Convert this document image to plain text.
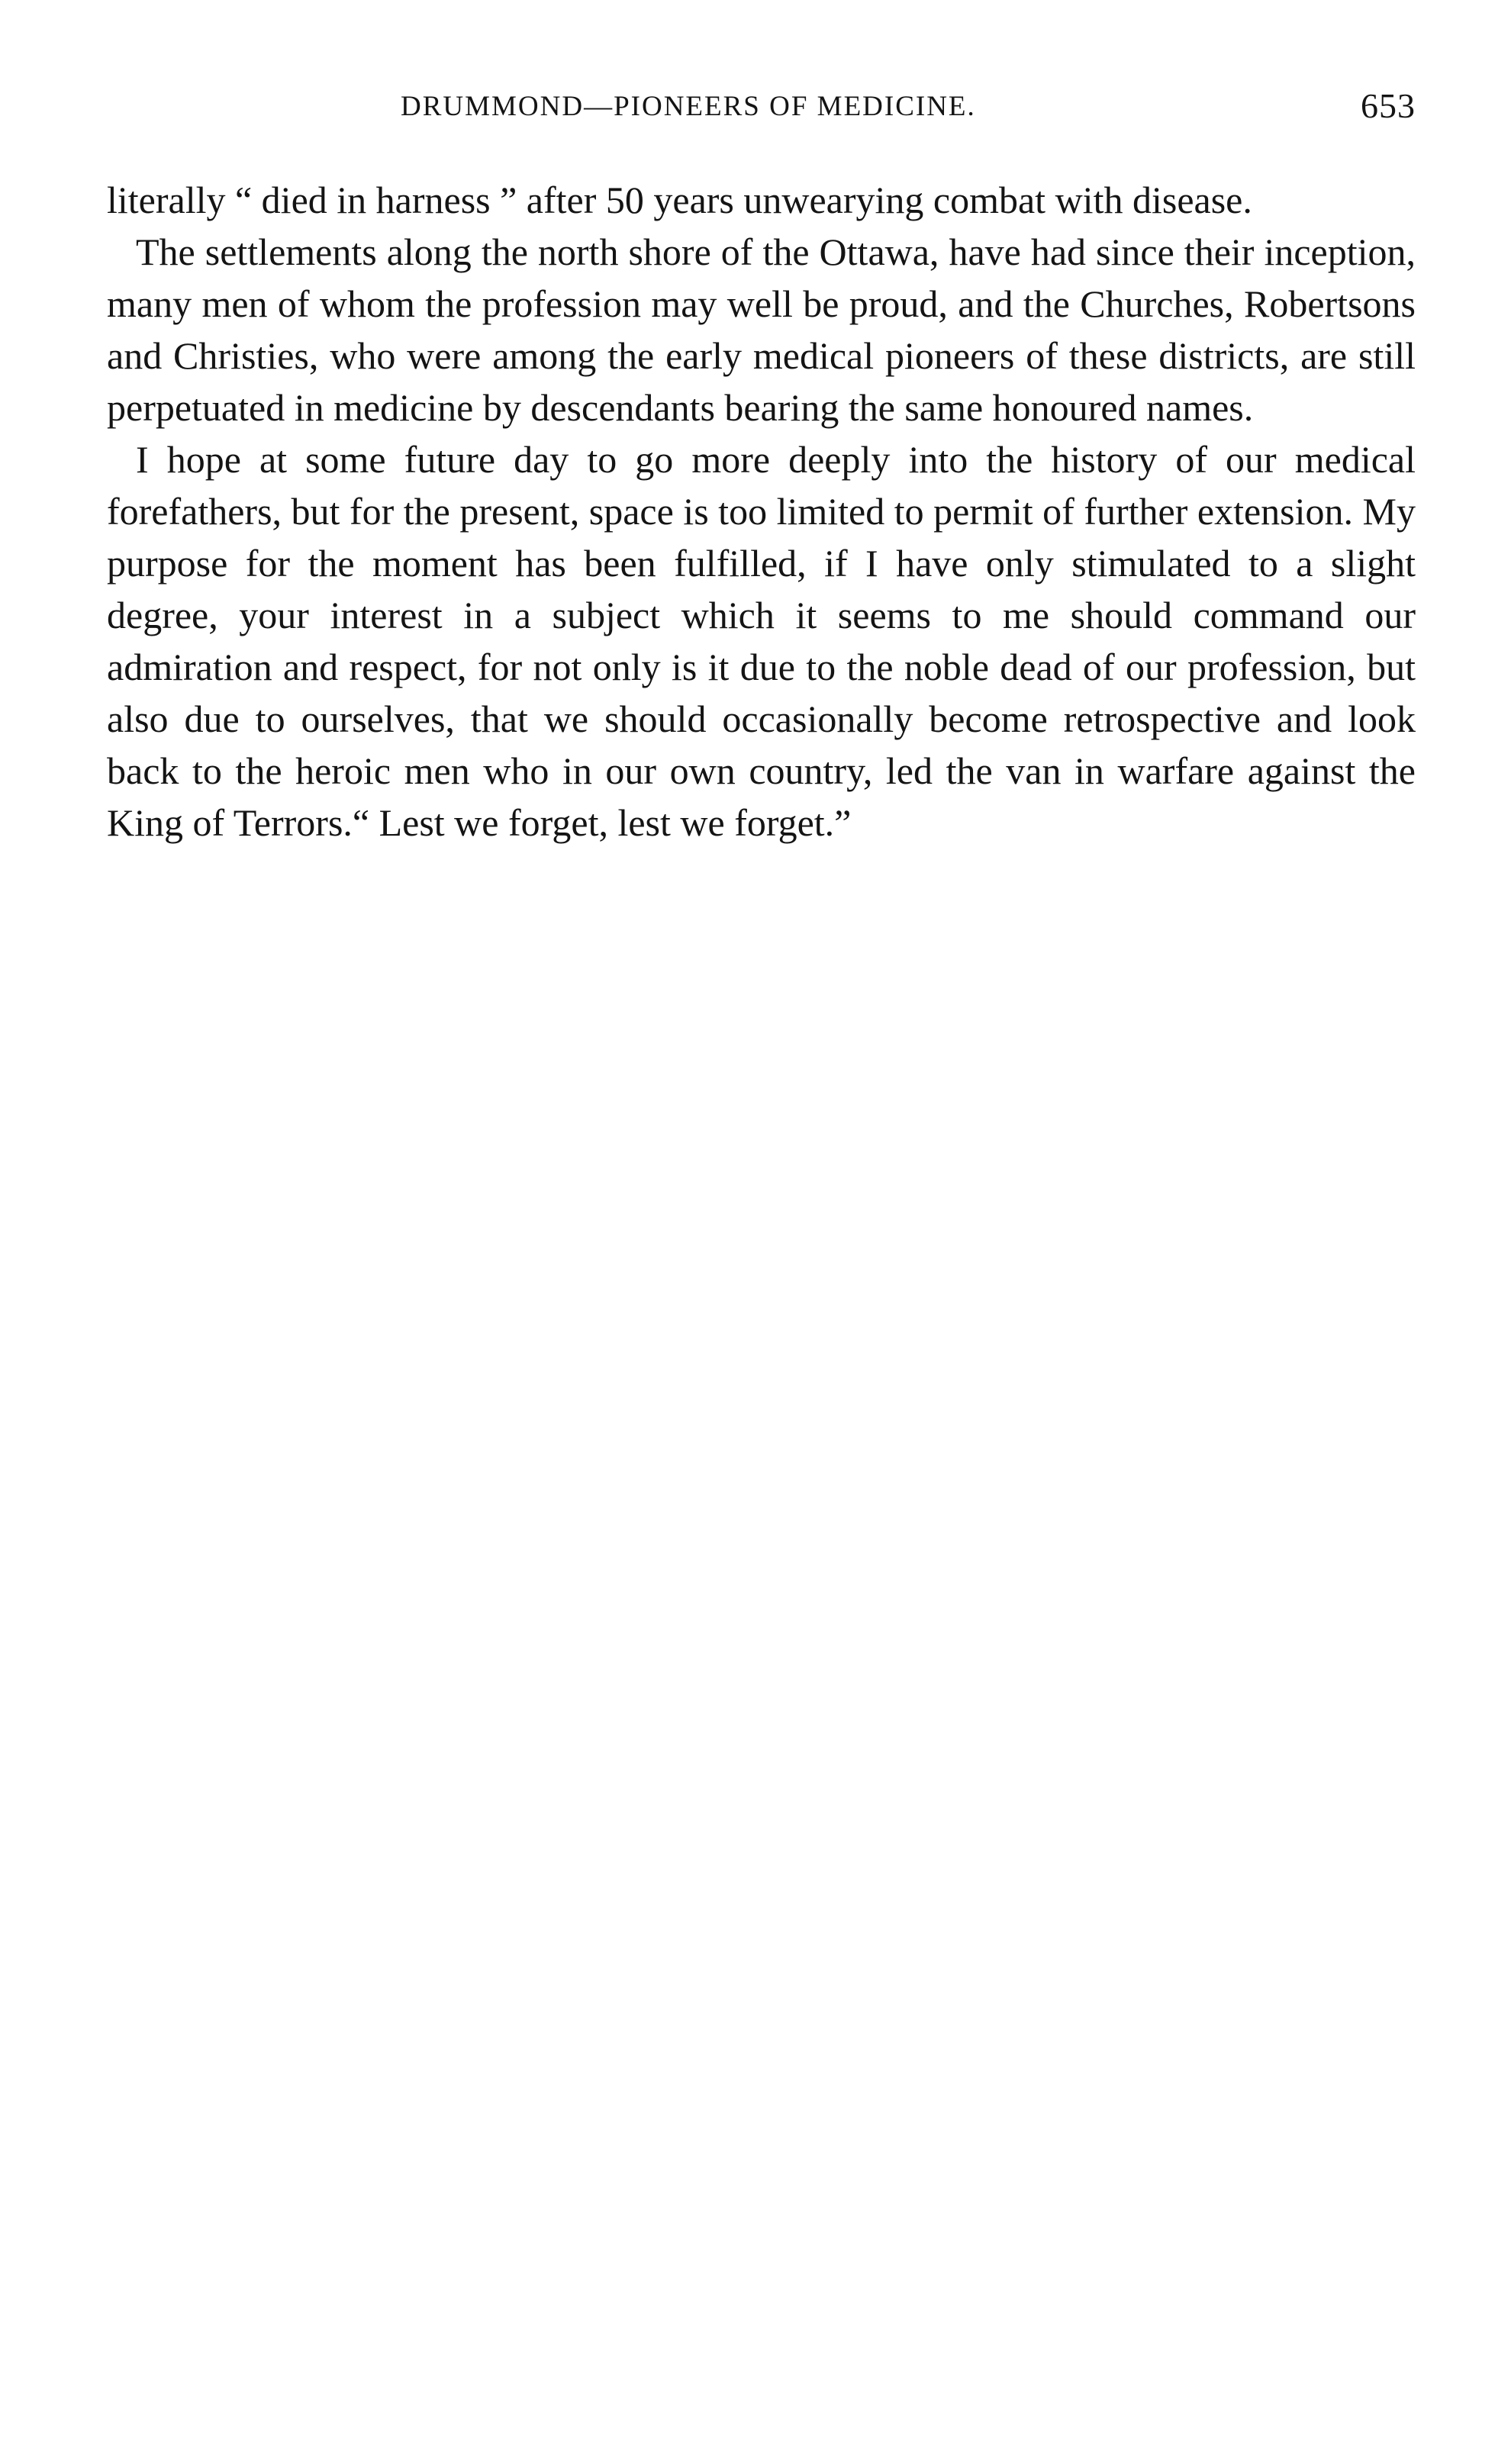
DRUMMOND—PIONEERS OF MEDICINE.	653

literally “ died in harness ” after 50 years unwearying combat with disease.

The settlements along the north shore of the Ottawa, have had since their inception, many men of whom the profession may well be proud, and the Churches, Robertsons and Christies, who were among the early medical pioneers of these districts, are still perpetuated in medicine by descendants bearing the same honoured names.

I hope at some future day to go more deeply into the history of our medical forefathers, but for the present, space is too limited to permit of further extension. My purpose for the moment has been fulfilled, if I have only stimulated to a slight degree, your interest in a subject which it seems to me should command our admiration and respect, for not only is it due to the noble dead of our profession, but also due to ourselves, that we should occasionally become retrospective and look back to the heroic men who in our own country, led the van in warfare against the King of Terrors.“ Lest we forget, lest we forget.”
